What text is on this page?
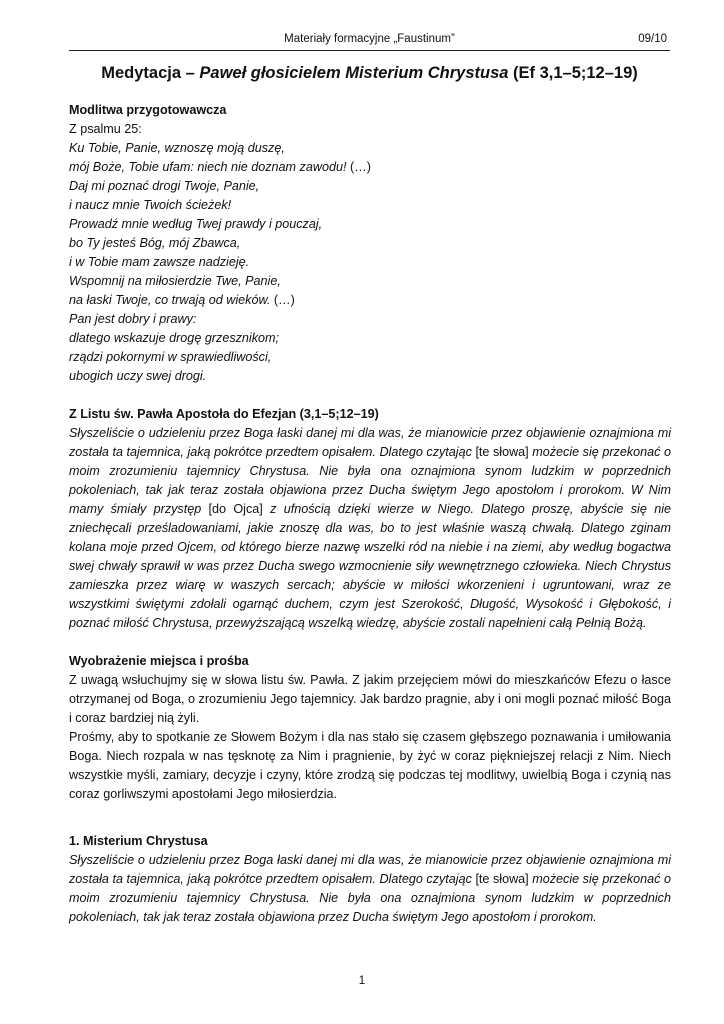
Materiały formacyjne „Faustinum”	09/10
Medytacja – Paweł głosicielem Misterium Chrystusa (Ef 3,1–5;12–19)
Modlitwa przygotowawcza

Z psalmu 25:

Ku Tobie, Panie, wznoszę moją duszę,

mój Boże, Tobie ufam: niech nie doznam zawodu! (…)

Daj mi poznać drogi Twoje, Panie,

i naucz mnie Twoich ścieżek!

Prowadź mnie według Twej prawdy i pouczaj,

bo Ty jesteś Bóg, mój Zbawca,

i w Tobie mam zawsze nadzieję.

Wspomnij na miłosierdzie Twe, Panie,

na łaski Twoje, co trwają od wieków. (…)

Pan jest dobry i prawy:

dlatego wskazuje drogę grzesznikom;

rządzi pokornymi w sprawiedliwości,

ubogich uczy swej drogi.

Z Listu św. Pawła Apostoła do Efezjan (3,1–5;12–19)

Słyszeliście o udzieleniu przez Boga łaski danej mi dla was, że mianowicie przez objawienie oznajmiona mi została ta tajemnica, jaką pokrótce przedtem opisałem. Dlatego czytając [te słowa] możecie się przekonać o moim zrozumieniu tajemnicy Chrystusa. Nie była ona oznajmiona synom ludzkim w poprzednich pokoleniach, tak jak teraz została objawiona przez Ducha świętym Jego apostołom i prorokom. W Nim mamy śmiały przystęp [do Ojca] z ufnością dzięki wierze w Niego. Dlatego proszę, abyście się nie zniechęcali prześladowaniami, jakie znoszę dla was, bo to jest właśnie waszą chwałą. Dlatego zginam kolana moje przed Ojcem, od którego bierze nazwę wszelki ród na niebie i na ziemi, aby według bogactwa swej chwały sprawił w was przez Ducha swego wzmocnienie siły wewnętrznego człowieka. Niech Chrystus zamieszka przez wiarę w waszych sercach; abyście w miłości wkorzenieni i ugruntowani, wraz ze wszystkimi świętymi zdołali ogarnąć duchem, czym jest Szerokość, Długość, Wysokość i Głębokość, i poznać miłość Chrystusa, przewyższającą wszelką wiedzę, abyście zostali napełnieni całą Pełnią Bożą.

Wyobrażenie miejsca i prośba

Z uwagą wsłuchujmy się w słowa listu św. Pawła. Z jakim przejęciem mówi do mieszkańców Efezu o łasce otrzymanej od Boga, o zrozumieniu Jego tajemnicy. Jak bardzo pragnie, aby i oni mogli poznać miłość Boga i coraz bardziej nią żyli.

Prośmy, aby to spotkanie ze Słowem Bożym i dla nas stało się czasem głębszego poznawania i umiłowania Boga. Niech rozpala w nas tęsknotę za Nim i pragnienie, by żyć w coraz piękniejszej relacji z Nim. Niech wszystkie myśli, zamiary, decyzje i czyny, które zrodzą się podczas tej modlitwy, uwielbią Boga i czynią nas coraz gorliwszymi apostołami Jego miłosierdzia.

1. Misterium Chrystusa

Słyszeliście o udzieleniu przez Boga łaski danej mi dla was, że mianowicie przez objawienie oznajmiona mi została ta tajemnica, jaką pokrótce przedtem opisałem. Dlatego czytając [te słowa] możecie się przekonać o moim zrozumieniu tajemnicy Chrystusa. Nie była ona oznajmiona synom ludzkim w poprzednich pokoleniach, tak jak teraz została objawiona przez Ducha świętym Jego apostołom i prorokom.

1
